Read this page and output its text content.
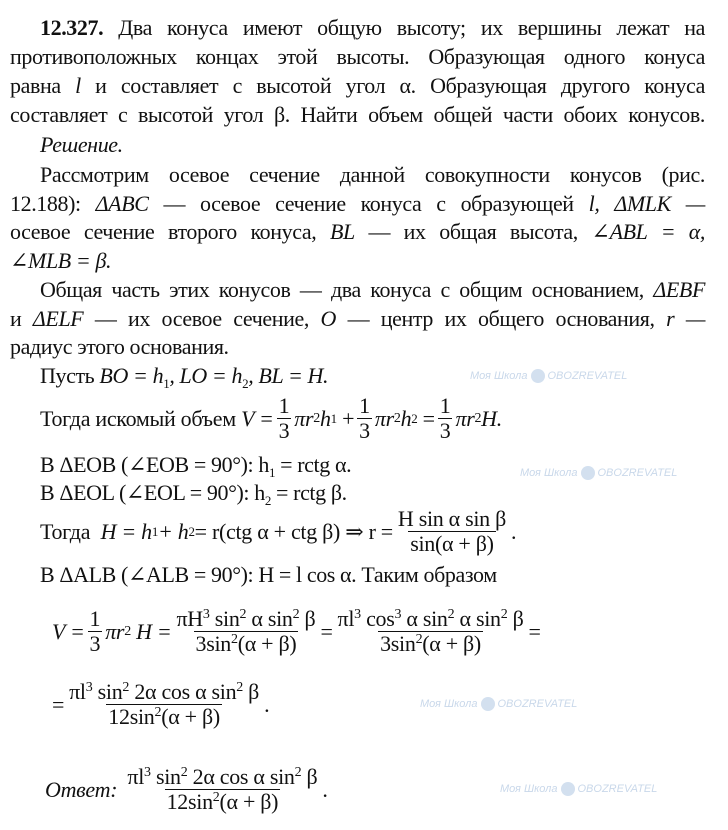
Моя Школа OBOZREVATEL
Моя Школа OBOZREVATEL
Моя Школа OBOZREVATEL
Моя Школа OBOZREVATEL
12.327. Два конуса имеют общую высоту; их вершины лежат на
противоположных концах этой высоты. Образующая одного конуса
равна l и составляет с высотой угол α. Образующая другого конуса
составляет с высотой угол β. Найти объем общей части обоих конусов.
Решение.
Рассмотрим осевое сечение данной совокупности конусов (рис.
12.188): ΔABC — осевое сечение конуса с образующей l, ΔMLK —
осевое сечение второго конуса, BL — их общая высота, ∠ABL = α,
∠MLB = β.
Общая часть этих конусов — два конуса с общим основанием, ΔEBF
и ΔELF — их осевое сечение, O — центр их общего основания, r —
радиус этого основания.
Пусть BO = $h_1$, LO = $h_2$, BL = H.
Тогда искомый объем
$V = \frac{1}{3}$ πr 2 h 1
+ $\frac{1}{3}$ πr 2 h 2
= $\frac{1}{3}$ πr 2 H.
В ΔEOB (∠EOB = 90°): $h_1$ = rctg α.
В ΔEOL (∠EOL = 90°): $h_2$ = rctg β.
Тогда
H = h 1 + h 2 = r(ctg α + ctg β) ⇒ $r = \frac{\text{H sin α sin β}}{\sin(\alpha + \beta)}$ .
В ΔALB (∠ALB = 90°): H = l cos α. Таким образом
$V = \frac{1}{3}$ πr 2
$H = \frac{\pi H^3 \sin^2 \alpha \sin^2 \beta}{3\sin^2(\alpha + \beta)} = \frac{\pi l^3 \cos^3 \alpha \sin^2 \alpha \sin^2 \beta}{3\sin^2(\alpha + \beta)}$ =
= $\frac{\pi l^3 \sin^2 2\alpha \cos \alpha \sin^2 \beta}{12\sin^2(\alpha + \beta)}$ .
Ответ:
$\frac{\pi l^3 \sin^2 2\alpha \cos \alpha \sin^2 \beta}{12\sin^2(\alpha + \beta)}$ .
